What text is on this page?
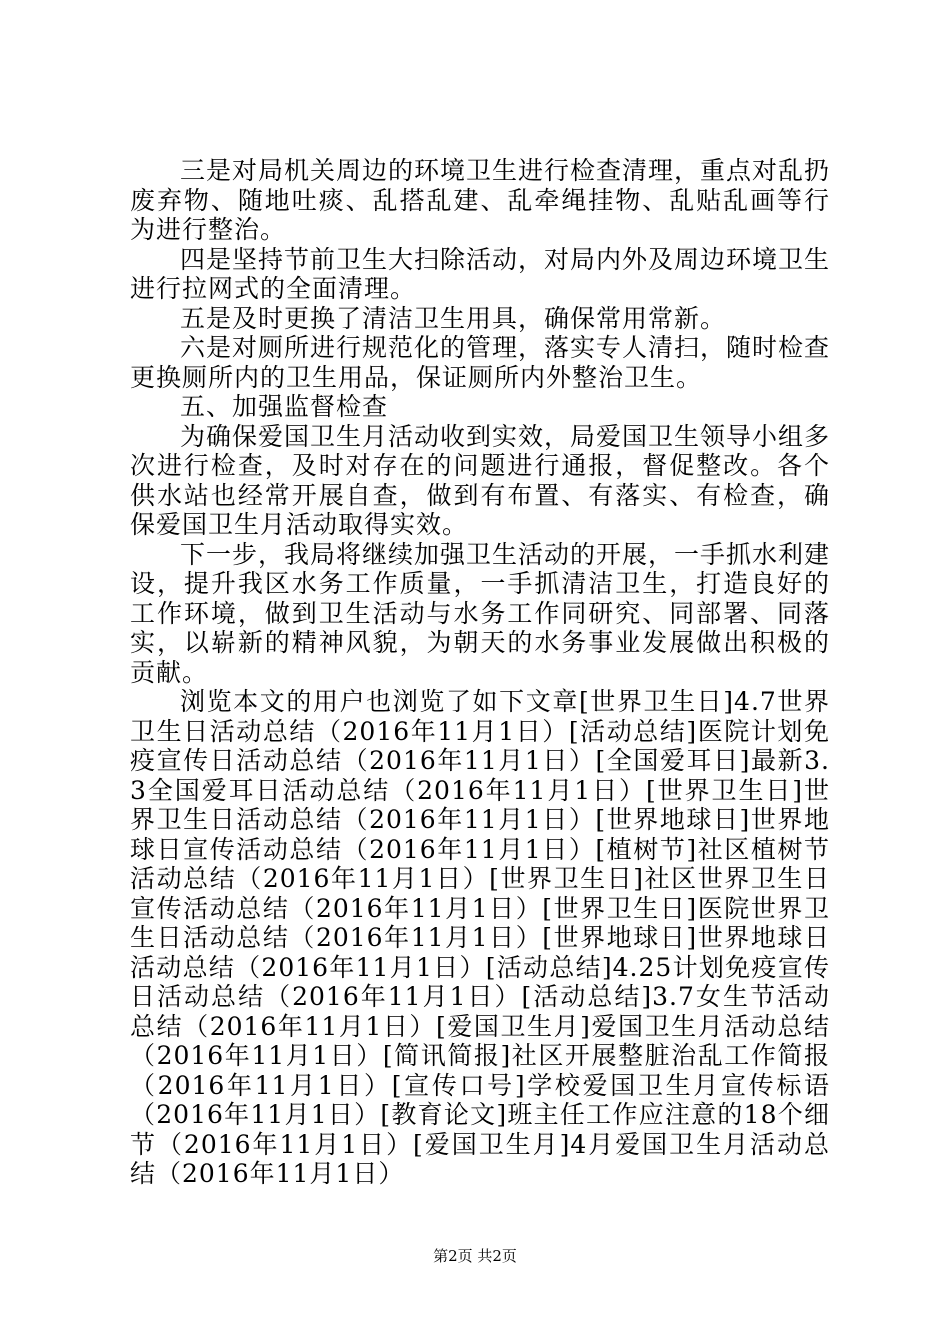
三是对局机关周边的环境卫生进行检查清理，重点对乱扔废弃物、随地吐痰、乱搭乱建、乱牵绳挂物、乱贴乱画等行为进行整治。

四是坚持节前卫生大扫除活动，对局内外及周边环境卫生进行拉网式的全面清理。

五是及时更换了清洁卫生用具，确保常用常新。

六是对厕所进行规范化的管理，落实专人清扫，随时检查更换厕所内的卫生用品，保证厕所内外整治卫生。

五、加强监督检查

为确保爱国卫生月活动收到实效，局爱国卫生领导小组多次进行检查，及时对存在的问题进行通报，督促整改。各个供水站也经常开展自查，做到有布置、有落实、有检查，确保爱国卫生月活动取得实效。

下一步，我局将继续加强卫生活动的开展，一手抓水利建设，提升我区水务工作质量，一手抓清洁卫生，打造良好的工作环境，做到卫生活动与水务工作同研究、同部署、同落实，以崭新的精神风貌，为朝天的水务事业发展做出积极的贡献。

浏览本文的用户也浏览了如下文章[世界卫生日]4.7世界卫生日活动总结（2016年11月1日）[活动总结]医院计划免疫宣传日活动总结（2016年11月1日）[全国爱耳日]最新3.3全国爱耳日活动总结（2016年11月1日）[世界卫生日]世界卫生日活动总结（2016年11月1日）[世界地球日]世界地球日宣传活动总结（2016年11月1日）[植树节]社区植树节活动总结（2016年11月1日）[世界卫生日]社区世界卫生日宣传活动总结（2016年11月1日）[世界卫生日]医院世界卫生日活动总结（2016年11月1日）[世界地球日]世界地球日活动总结（2016年11月1日）[活动总结]4.25计划免疫宣传日活动总结（2016年11月1日）[活动总结]3.7女生节活动总结（2016年11月1日）[爱国卫生月]爱国卫生月活动总结（2016年11月1日）[简讯简报]社区开展整脏治乱工作简报（2016年11月1日）[宣传口号]学校爱国卫生月宣传标语（2016年11月1日）[教育论文]班主任工作应注意的18个细节（2016年11月1日）[爱国卫生月]4月爱国卫生月活动总结（2016年11月1日）

第2页 共2页
